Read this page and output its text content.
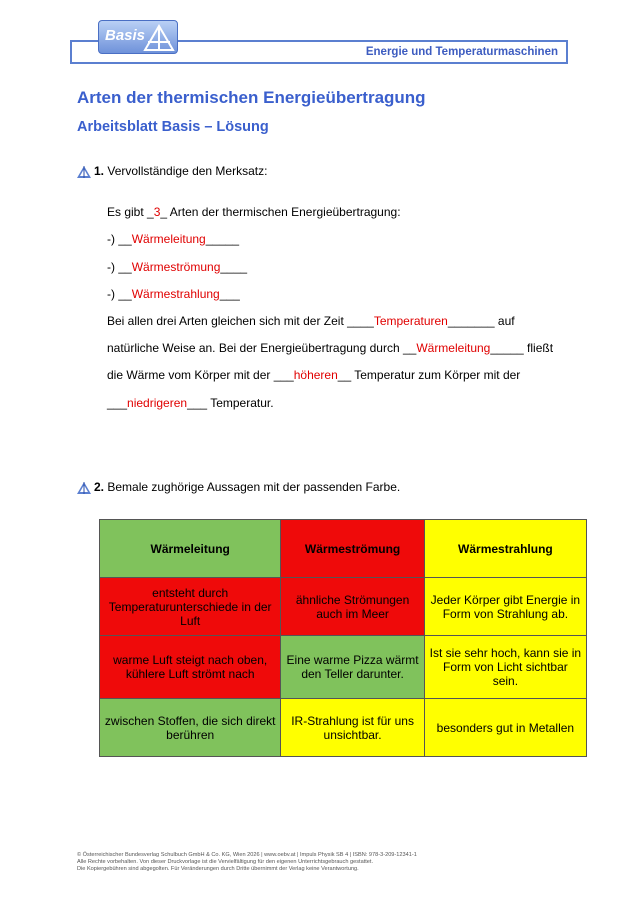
Energie und Temperaturmaschinen
Basis
Arten der thermischen Energieübertragung
Arbeitsblatt Basis – Lösung
1. Vervollständige den Merksatz:
Es gibt _3_ Arten der thermischen Energieübertragung:
-) __Wärmeleitung_____
-) __Wärmeströmung____
-) __Wärmestrahlung___
Bei allen drei Arten gleichen sich mit der Zeit ____Temperaturen_______ auf
natürliche Weise an. Bei der Energieübertragung durch __Wärmeleitung_____ fließt
die Wärme vom Körper mit der ___höheren__ Temperatur zum Körper mit der
___niedrigeren___ Temperatur.
2. Bemale zughörige Aussagen mit der passenden Farbe.
Wärmeleitung	Wärmeströmung	Wärmestrahlung
entsteht durch Temperaturunterschiede in der Luft	ähnliche Strömungen auch im Meer	Jeder Körper gibt Energie in Form von Strahlung ab.
warme Luft steigt nach oben, kühlere Luft strömt nach	Eine warme Pizza wärmt den Teller darunter.	Ist sie sehr hoch, kann sie in Form von Licht sichtbar sein.
zwischen Stoffen, die sich direkt berühren	IR-Strahlung ist für uns unsichtbar.	besonders gut in Metallen
© Österreichischer Bundesverlag Schulbuch GmbH & Co. KG, Wien 2026 | www.oebv.at | Impuls Physik SB 4 | ISBN: 978-3-209-12341-1
Alle Rechte vorbehalten. Von dieser Druckvorlage ist die Vervielfältigung für den eigenen Unterrichtsgebrauch gestattet.
Die Kopiergebühren sind abgegolten. Für Veränderungen durch Dritte übernimmt der Verlag keine Verantwortung.
